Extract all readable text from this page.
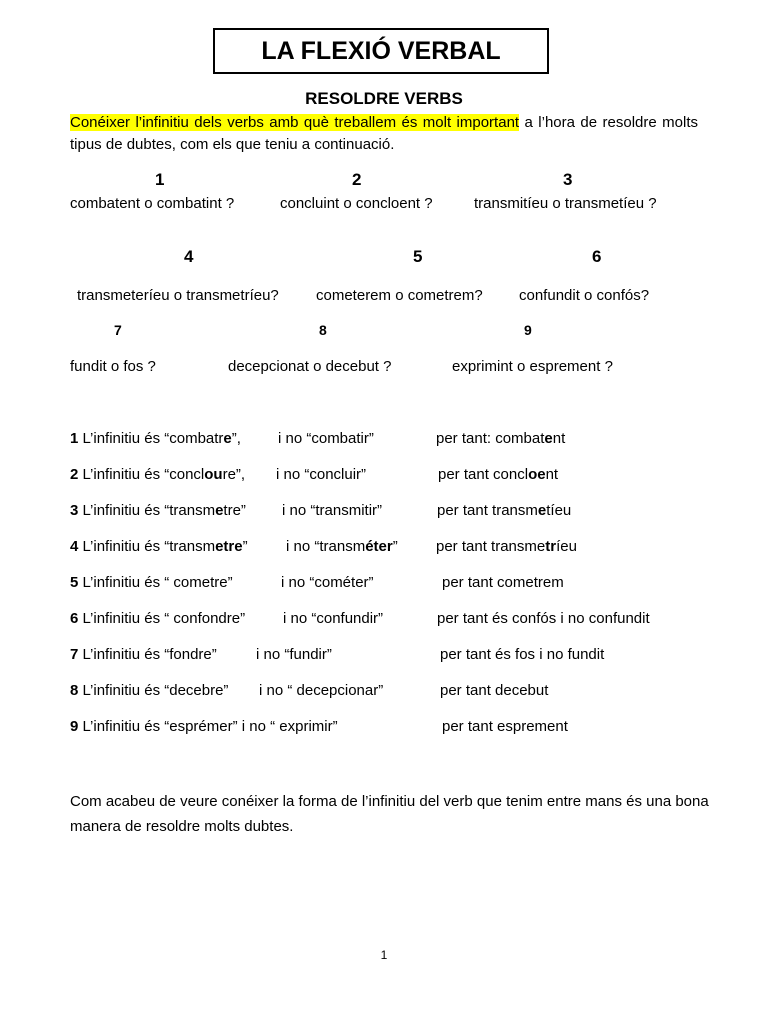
LA FLEXIÓ VERBAL
RESOLDRE VERBS
Conéixer l’infinitiu dels verbs amb què treballem és molt important a l’hora de resoldre molts tipus de dubtes, com els que teniu a continuació.
1	2	3
combatent o combatint ?	concluint o concloent ?	transmitíeu o transmetíeu ?
4	5	6
transmeteríeu o transmetríeu? cometerem o cometrem? confundit o confós?
7	8	9
fundit o fos ?	decepcionat o decebut ?	exprimint o esprement ?
1 L’infinitiu és “combatre”, i no “combatir”	per tant: combatent
2 L’infinitiu és “concloure”, i no “concluir”	per tant concloent
3 L’infinitiu és “transmetre” i no “transmitir”	per tant transmetíeu
4 L’infinitiu és “transmetre”	i no “transméter”	per tant transmetríeu
5 L’infinitiu és “ cometre”	i no “cométer”	per tant cometrem
6 L’infinitiu és “ confondre”	i no “confundir”	per tant és confós i no confundit
7 L’infinitiu és “fondre”	i no “fundir”	per tant és fos i no fundit
8 L’infinitiu és “decebre” i no “ decepcionar”	per tant decebut
9 L’infinitiu és “esprémer” i no “ exprimir”	per tant esprement
Com acabeu de veure conéixer la forma de l’infinitiu del verb que tenim entre mans és una bona manera de resoldre molts dubtes.
1
